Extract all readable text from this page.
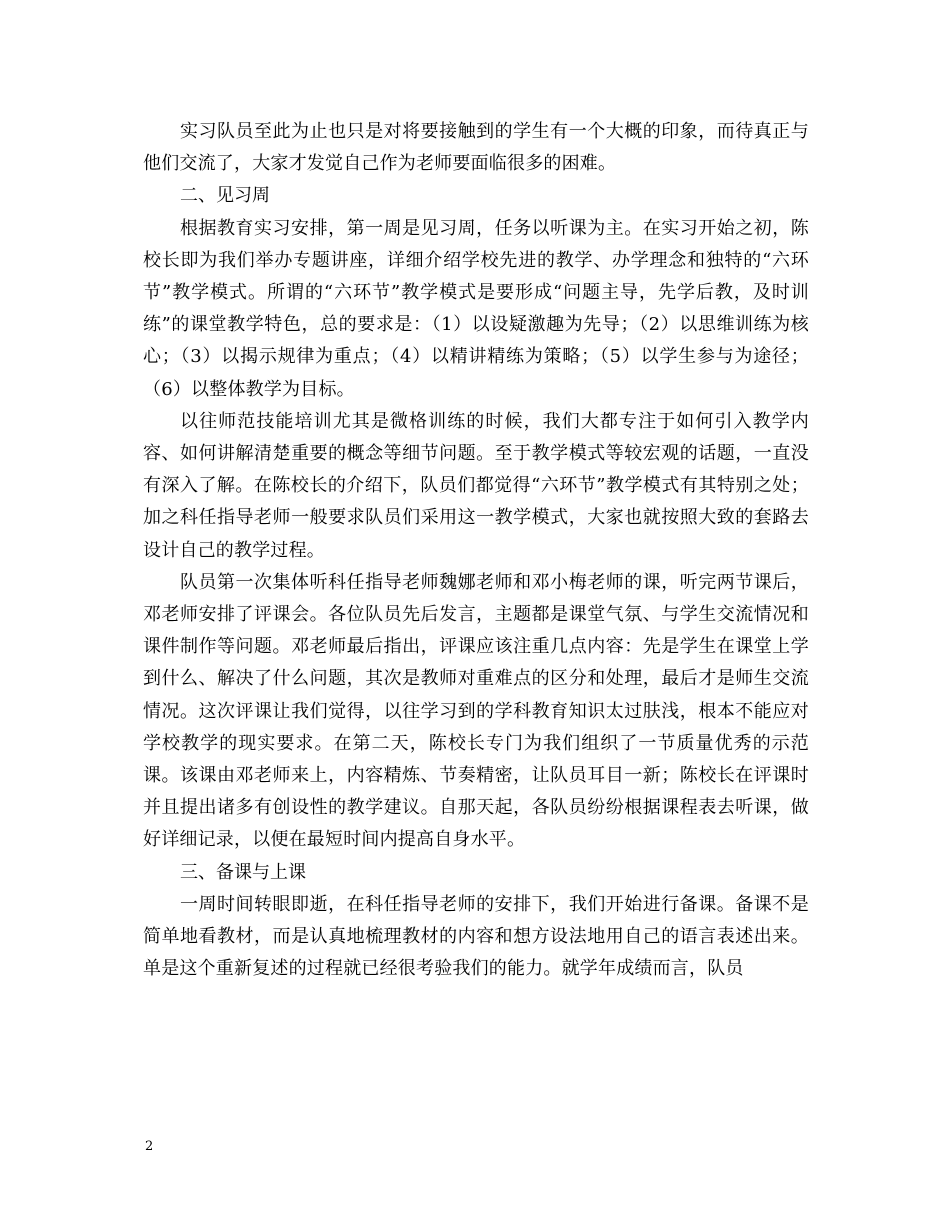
实习队员至此为止也只是对将要接触到的学生有一个大概的印象，而待真正与他们交流了，大家才发觉自己作为老师要面临很多的困难。

二、见习周

根据教育实习安排，第一周是见习周，任务以听课为主。在实习开始之初，陈校长即为我们举办专题讲座，详细介绍学校先进的教学、办学理念和独特的“六环节”教学模式。所谓的“六环节”教学模式是要形成“问题主导，先学后教，及时训练”的课堂教学特色，总的要求是：（1）以设疑激趣为先导；（2）以思维训练为核心；（3）以揭示规律为重点；（4）以精讲精练为策略；（5）以学生参与为途径；（6）以整体教学为目标。

以往师范技能培训尤其是微格训练的时候，我们大都专注于如何引入教学内容、如何讲解清楚重要的概念等细节问题。至于教学模式等较宏观的话题，一直没有深入了解。在陈校长的介绍下，队员们都觉得“六环节”教学模式有其特别之处；加之科任指导老师一般要求队员们采用这一教学模式，大家也就按照大致的套路去设计自己的教学过程。

队员第一次集体听科任指导老师魏娜老师和邓小梅老师的课，听完两节课后，邓老师安排了评课会。各位队员先后发言，主题都是课堂气氛、与学生交流情况和课件制作等问题。邓老师最后指出，评课应该注重几点内容：先是学生在课堂上学到什么、解决了什么问题，其次是教师对重难点的区分和处理，最后才是师生交流情况。这次评课让我们觉得，以往学习到的学科教育知识太过肤浅，根本不能应对学校教学的现实要求。在第二天，陈校长专门为我们组织了一节质量优秀的示范课。该课由邓老师来上，内容精炼、节奏精密，让队员耳目一新；陈校长在评课时并且提出诸多有创设性的教学建议。自那天起，各队员纷纷根据课程表去听课，做好详细记录，以便在最短时间内提高自身水平。

三、备课与上课

一周时间转眼即逝，在科任指导老师的安排下，我们开始进行备课。备课不是简单地看教材，而是认真地梳理教材的内容和想方设法地用自己的语言表述出来。单是这个重新复述的过程就已经很考验我们的能力。就学年成绩而言，队员

2
